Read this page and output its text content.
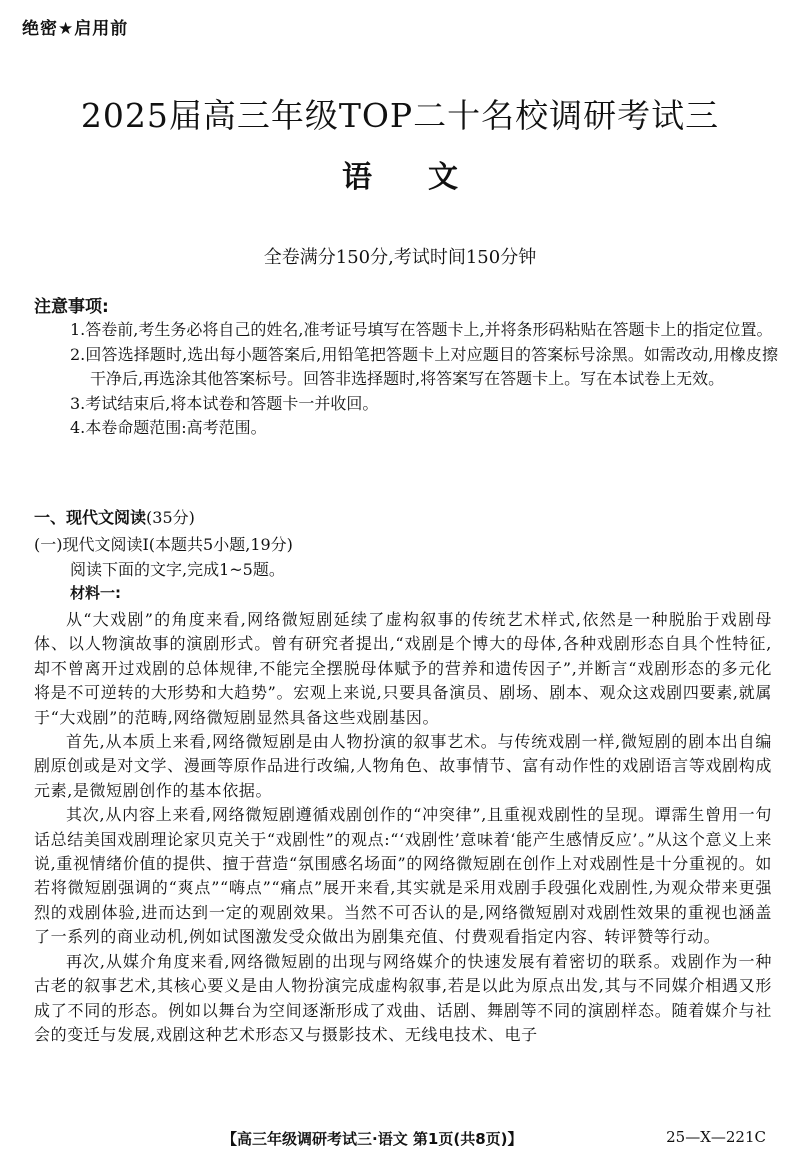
绝密★启用前
2025届高三年级TOP二十名校调研考试三
语文
全卷满分150分,考试时间150分钟
注意事项:
1.答卷前,考生务必将自己的姓名,准考证号填写在答题卡上,并将条形码粘贴在答题卡上的指定位置。
2.回答选择题时,选出每小题答案后,用铅笔把答题卡上对应题目的答案标号涂黑。如需改动,用橡皮擦干净后,再选涂其他答案标号。回答非选择题时,将答案写在答题卡上。写在本试卷上无效。
3.考试结束后,将本试卷和答题卡一并收回。
4.本卷命题范围:高考范围。
一、现代文阅读(35分)
(一)现代文阅读Ⅰ(本题共5小题,19分)
阅读下面的文字,完成1~5题。
材料一:

从“大戏剧”的角度来看,网络微短剧延续了虚构叙事的传统艺术样式,依然是一种脱胎于戏剧母体、以人物演故事的演剧形式。曾有研究者提出,“戏剧是个博大的母体,各种戏剧形态自具个性特征,却不曾离开过戏剧的总体规律,不能完全摆脱母体赋予的营养和遗传因子”,并断言“戏剧形态的多元化将是不可逆转的大形势和大趋势”。宏观上来说,只要具备演员、剧场、剧本、观众这戏剧四要素,就属于“大戏剧”的范畴,网络微短剧显然具备这些戏剧基因。

首先,从本质上来看,网络微短剧是由人物扮演的叙事艺术。与传统戏剧一样,微短剧的剧本出自编剧原创或是对文学、漫画等原作品进行改编,人物角色、故事情节、富有动作性的戏剧语言等戏剧构成元素,是微短剧创作的基本依据。

其次,从内容上来看,网络微短剧遵循戏剧创作的“冲突律”,且重视戏剧性的呈现。谭霈生曾用一句话总结美国戏剧理论家贝克关于“戏剧性”的观点:“‘戏剧性’意味着‘能产生感情反应’。”从这个意义上来说,重视情绪价值的提供、擅于营造“氛围感名场面”的网络微短剧在创作上对戏剧性是十分重视的。如若将微短剧强调的“爽点”“嗨点”“痛点”展开来看,其实就是采用戏剧手段强化戏剧性,为观众带来更强烈的戏剧体验,进而达到一定的观剧效果。当然不可否认的是,网络微短剧对戏剧性效果的重视也涵盖了一系列的商业动机,例如试图激发受众做出为剧集充值、付费观看指定内容、转评赞等行动。

再次,从媒介角度来看,网络微短剧的出现与网络媒介的快速发展有着密切的联系。戏剧作为一种古老的叙事艺术,其核心要义是由人物扮演完成虚构叙事,若是以此为原点出发,其与不同媒介相遇又形成了不同的形态。例如以舞台为空间逐渐形成了戏曲、话剧、舞剧等不同的演剧样态。随着媒介与社会的变迁与发展,戏剧这种艺术形态又与摄影技术、无线电技术、电子

【高三年级调研考试三·语文 第1页(共8页)】	25—X—221C
